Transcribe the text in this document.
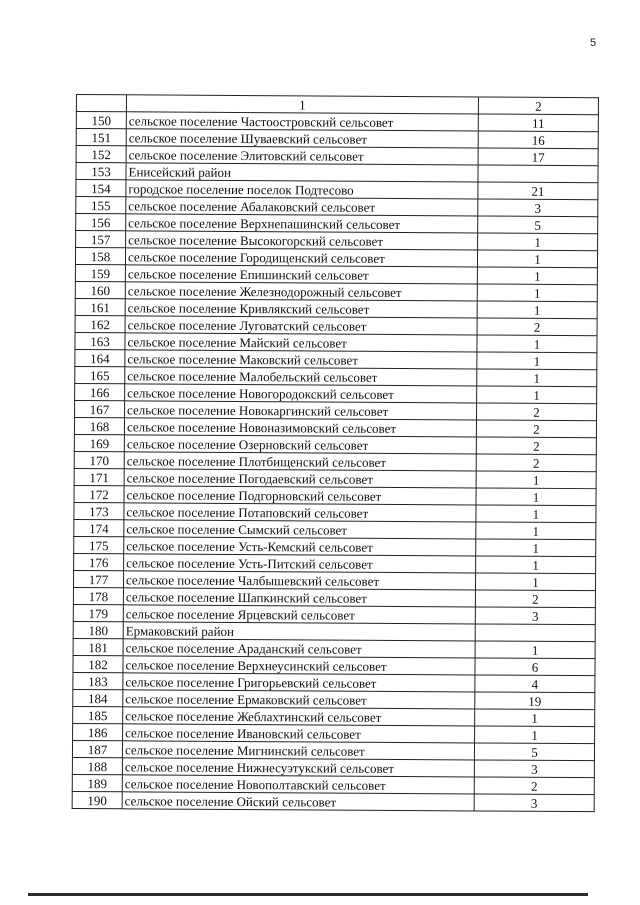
5
	1	2
150	сельское поселение Частоостровский сельсовет	11
151	сельское поселение Шуваевский сельсовет	16
152	сельское поселение Элитовский сельсовет	17
153	Енисейский район	
154	городское поселение поселок Подтесово	21
155	сельское поселение Абалаковский сельсовет	3
156	сельское поселение Верхнепашинский сельсовет	5
157	сельское поселение Высокогорский сельсовет	1
158	сельское поселение Городищенский сельсовет	1
159	сельское поселение Епишинский сельсовет	1
160	сельское поселение Железнодорожный сельсовет	1
161	сельское поселение Кривлякский сельсовет	1
162	сельское поселение Луговатский сельсовет	2
163	сельское поселение Майский сельсовет	1
164	сельское поселение Маковский сельсовет	1
165	сельское поселение Малобельский сельсовет	1
166	сельское поселение Новогородокский сельсовет	1
167	сельское поселение Новокаргинский сельсовет	2
168	сельское поселение Новоназимовский сельсовет	2
169	сельское поселение Озерновский сельсовет	2
170	сельское поселение Плотбищенский сельсовет	2
171	сельское поселение Погодаевский сельсовет	1
172	сельское поселение Подгорновский сельсовет	1
173	сельское поселение Потаповский сельсовет	1
174	сельское поселение Сымский сельсовет	1
175	сельское поселение Усть-Кемский сельсовет	1
176	сельское поселение Усть-Питский сельсовет	1
177	сельское поселение Чалбышевский сельсовет	1
178	сельское поселение Шапкинский сельсовет	2
179	сельское поселение Ярцевский сельсовет	3
180	Ермаковский район	
181	сельское поселение Араданский сельсовет	1
182	сельское поселение Верхнеусинский сельсовет	6
183	сельское поселение Григорьевский сельсовет	4
184	сельское поселение Ермаковский сельсовет	19
185	сельское поселение Жеблахтинский сельсовет	1
186	сельское поселение Ивановский сельсовет	1
187	сельское поселение Мигнинский сельсовет	5
188	сельское поселение Нижнесуэтукский сельсовет	3
189	сельское поселение Новополтавский сельсовет	2
190	сельское поселение Ойский сельсовет	3
